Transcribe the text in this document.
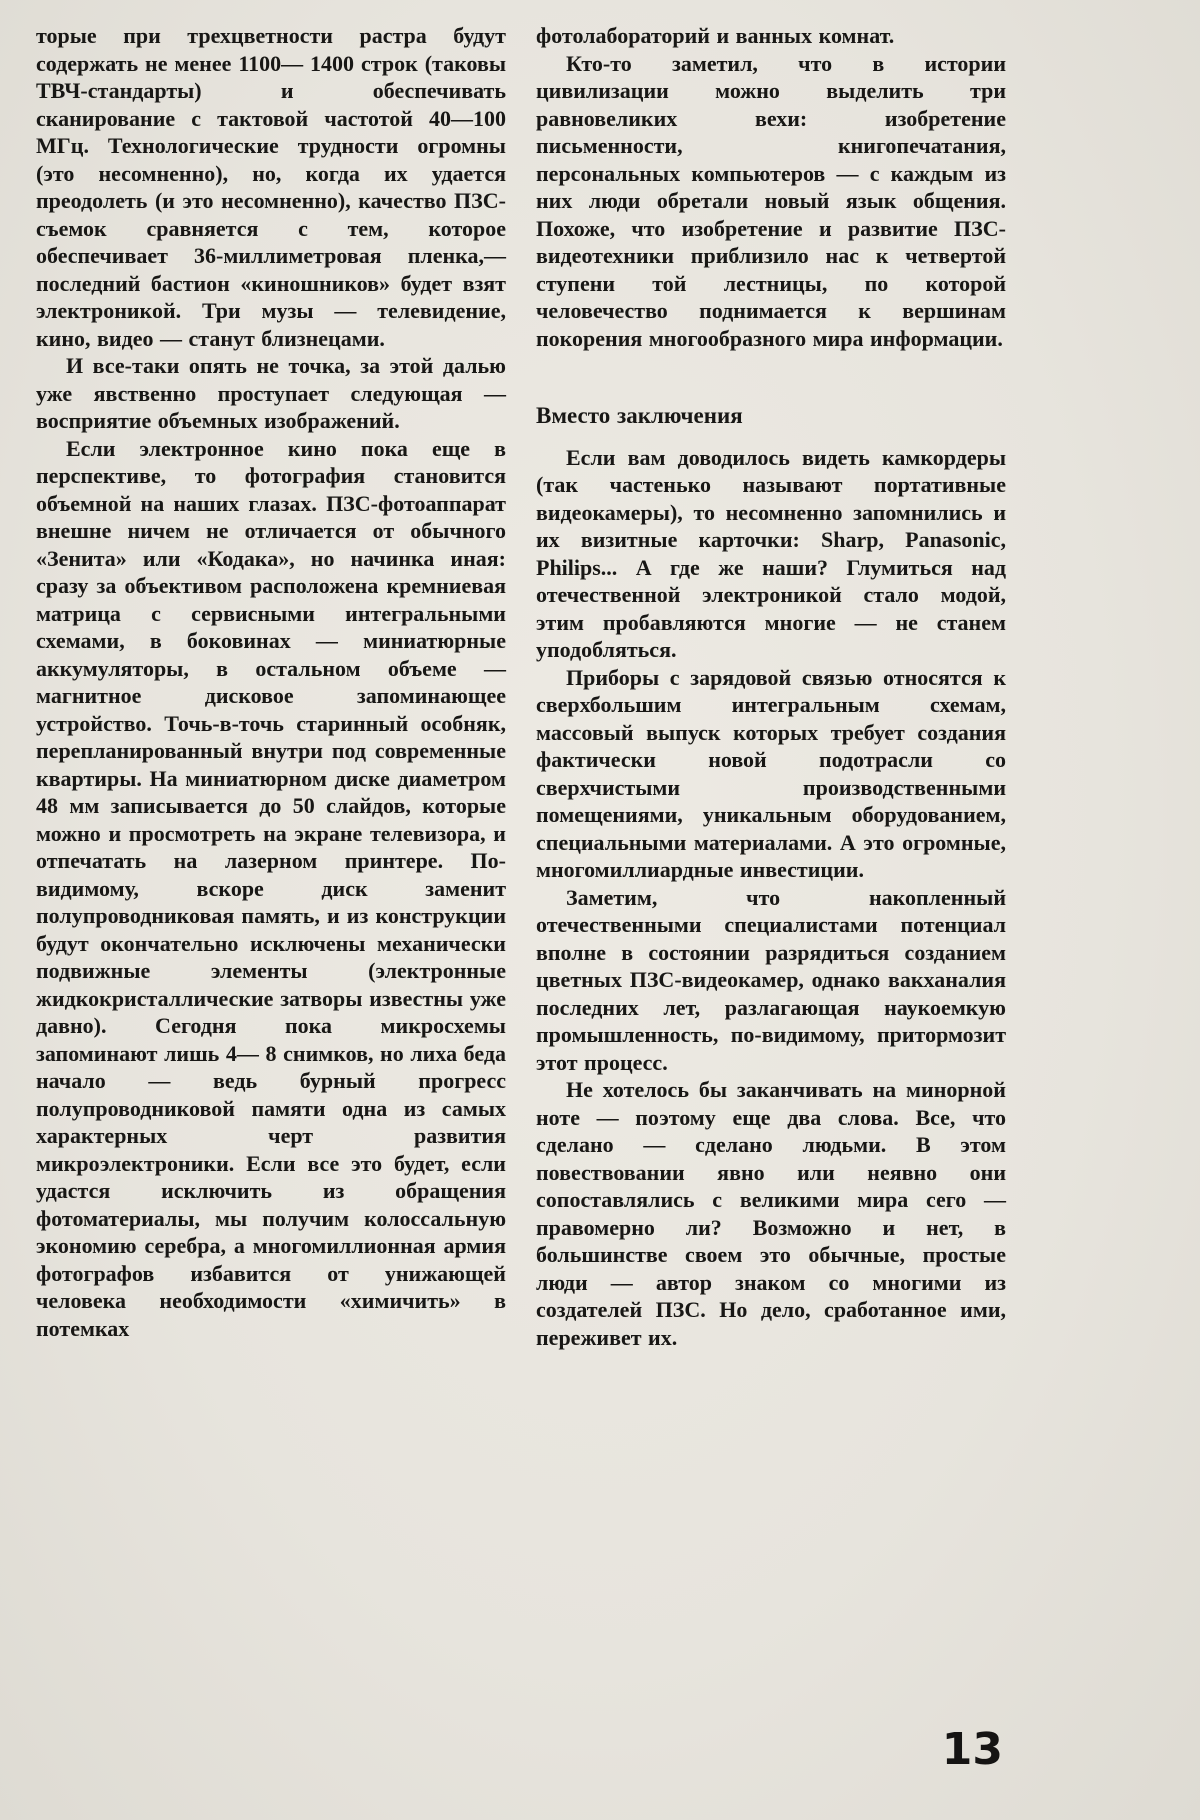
торые при трехцветности растра будут содержать не менее 1100— 1400 строк (таковы ТВЧ-стандарты) и обеспечивать сканирование с тактовой частотой 40—100 МГц. Технологические трудности огромны (это несомненно), но, когда их удается преодолеть (и это несомненно), качество ПЗС-съемок сравняется с тем, которое обеспечивает 36-миллиметровая пленка,— последний бастион «киношников» будет взят электроникой. Три музы — телевидение, кино, видео — станут близнецами.

И все-таки опять не точка, за этой далью уже явственно проступает следующая — восприятие объемных изображений.

Если электронное кино пока еще в перспективе, то фотография становится объемной на наших глазах. ПЗС-фотоаппарат внешне ничем не отличается от обычного «Зенита» или «Кодака», но начинка иная: сразу за объективом расположена кремниевая матрица с сервисными интегральными схемами, в боковинах — миниатюрные аккумуляторы, в остальном объеме — магнитное дисковое запоминающее устройство. Точь-в-точь старинный особняк, перепланированный внутри под современные квартиры. На миниатюрном диске диаметром 48 мм записывается до 50 слайдов, которые можно и просмотреть на экране телевизора, и отпечатать на лазерном принтере. По-видимому, вскоре диск заменит полупроводниковая память, и из конструкции будут окончательно исключены механически подвижные элементы (электронные жидкокристаллические затворы известны уже давно). Сегодня пока микросхемы запоминают лишь 4— 8 снимков, но лиха беда начало — ведь бурный прогресс полупроводниковой памяти одна из самых характерных черт развития микроэлектроники. Если все это будет, если удастся исключить из обращения фотоматериалы, мы получим колоссальную экономию серебра, а многомиллионная армия фотографов избавится от унижающей человека необходимости «химичить» в потемках

фотолабораторий и ванных комнат.

Кто-то заметил, что в истории цивилизации можно выделить три равновеликих вехи: изобретение письменности, книгопечатания, персональных компьютеров — с каждым из них люди обретали новый язык общения. Похоже, что изобретение и развитие ПЗС-видеотехники приблизило нас к четвертой ступени той лестницы, по которой человечество поднимается к вершинам покорения многообразного мира информации.

Вместо заключения

Если вам доводилось видеть камкордеры (так частенько называют портативные видеокамеры), то несомненно запомнились и их визитные карточки: Sharp, Panasonic, Philips... А где же наши? Глумиться над отечественной электроникой стало модой, этим пробавляются многие — не станем уподобляться.

Приборы с зарядовой связью относятся к сверхбольшим интегральным схемам, массовый выпуск которых требует создания фактически новой подотрасли со сверхчистыми производственными помещениями, уникальным оборудованием, специальными материалами. А это огромные, многомиллиардные инвестиции.

Заметим, что накопленный отечественными специалистами потенциал вполне в состоянии разрядиться созданием цветных ПЗС-видеокамер, однако вакханалия последних лет, разлагающая наукоемкую промышленность, по-видимому, притормозит этот процесс.

Не хотелось бы заканчивать на минорной ноте — поэтому еще два слова. Все, что сделано — сделано людьми. В этом повествовании явно или неявно они сопоставлялись с великими мира сего — правомерно ли? Возможно и нет, в большинстве своем это обычные, простые люди — автор знаком со многими из создателей ПЗС. Но дело, сработанное ими, переживет их.

13
